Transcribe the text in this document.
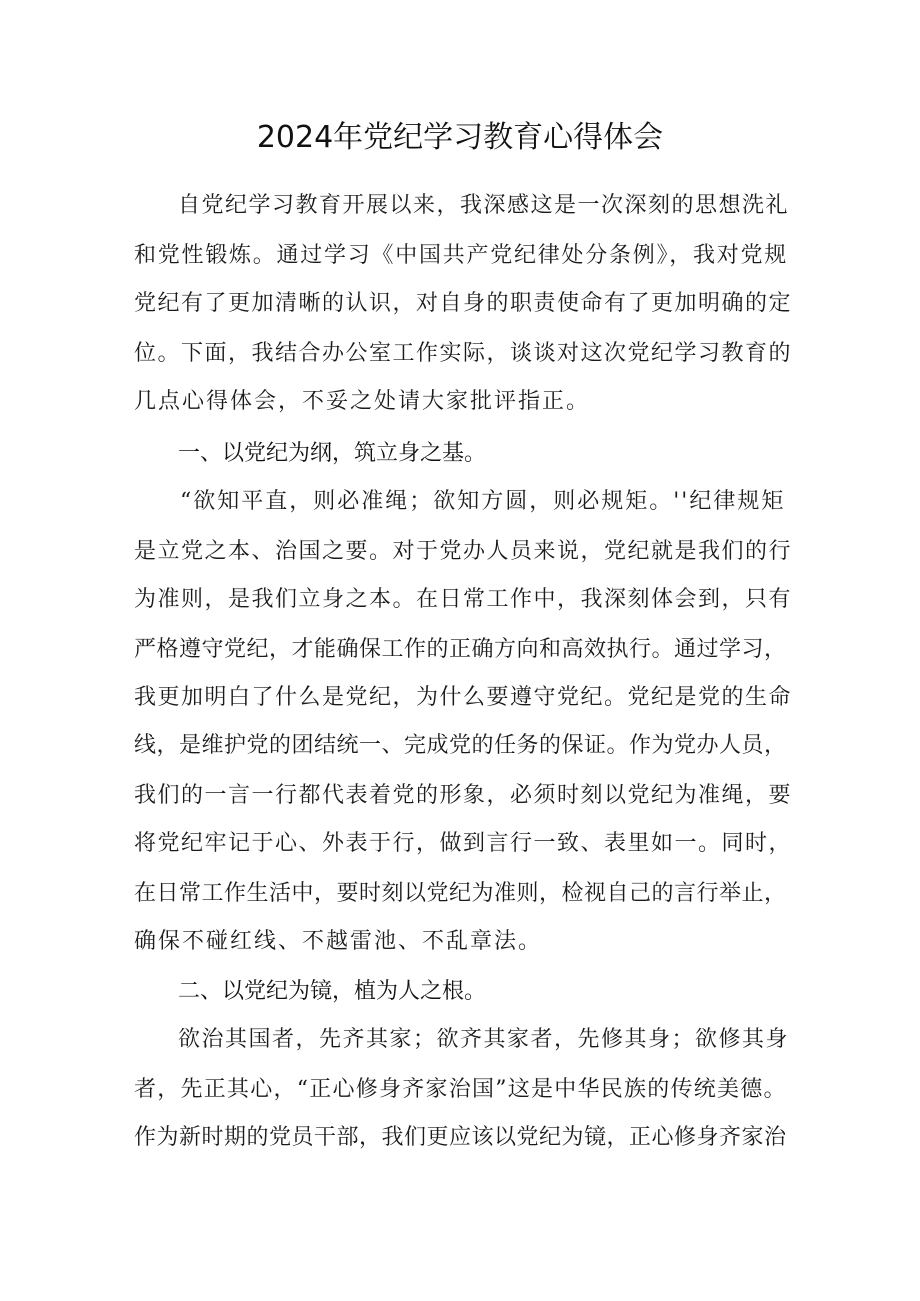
2024年党纪学习教育心得体会
自党纪学习教育开展以来，我深感这是一次深刻的思想洗礼
和党性锻炼。通过学习《中国共产党纪律处分条例》，我对党规
党纪有了更加清晰的认识，对自身的职责使命有了更加明确的定
位。下面，我结合办公室工作实际，谈谈对这次党纪学习教育的
几点心得体会，不妥之处请大家批评指正。
一、以党纪为纲，筑立身之基。
“欲知平直，则必准绳；欲知方圆，则必规矩。''纪律规矩
是立党之本、治国之要。对于党办人员来说，党纪就是我们的行
为准则，是我们立身之本。在日常工作中，我深刻体会到，只有
严格遵守党纪，才能确保工作的正确方向和高效执行。通过学习，
我更加明白了什么是党纪，为什么要遵守党纪。党纪是党的生命
线，是维护党的团结统一、完成党的任务的保证。作为党办人员，
我们的一言一行都代表着党的形象，必须时刻以党纪为准绳，要
将党纪牢记于心、外表于行，做到言行一致、表里如一。同时，
在日常工作生活中，要时刻以党纪为准则，检视自己的言行举止，
确保不碰红线、不越雷池、不乱章法。
二、以党纪为镜，植为人之根。
欲治其国者，先齐其家；欲齐其家者，先修其身；欲修其身
者，先正其心，“正心修身齐家治国”这是中华民族的传统美德。
作为新时期的党员干部，我们更应该以党纪为镜，正心修身齐家治
